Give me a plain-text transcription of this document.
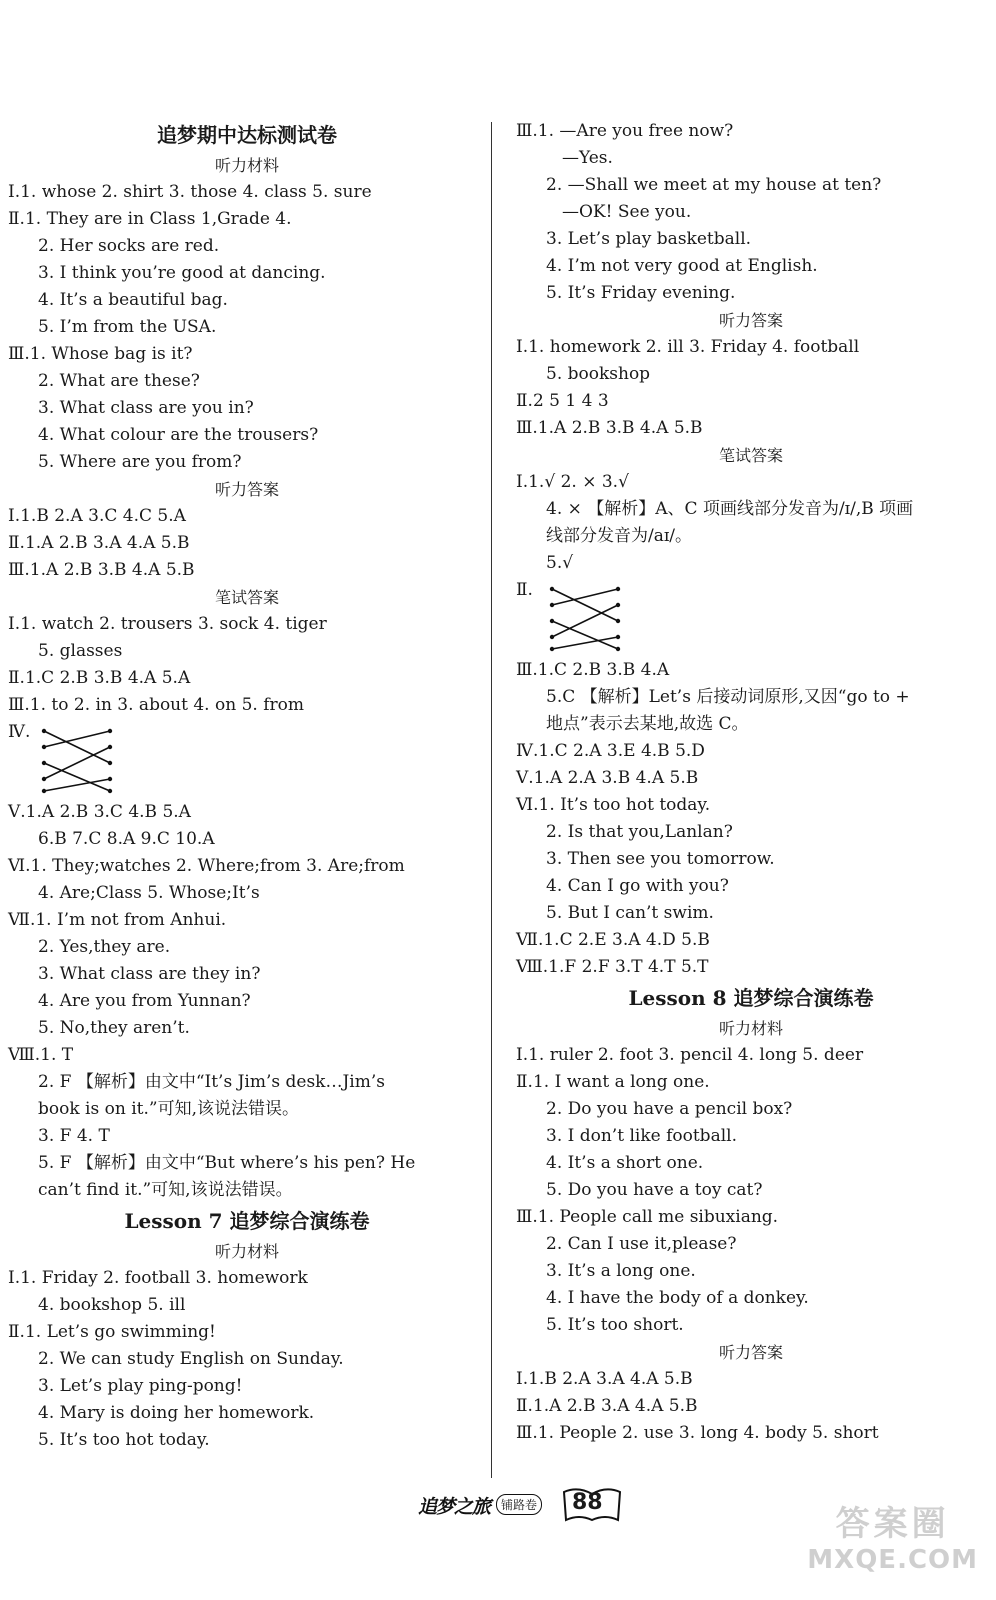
追梦期中达标测试卷
听力材料
Ⅰ.1. whose 2. shirt 3. those 4. class 5. sure
Ⅱ.1. They are in Class 1,Grade 4.
2. Her socks are red.
3. I think you’re good at dancing.
4. It’s a beautiful bag.
5. I’m from the USA.
Ⅲ.1. Whose bag is it?
2. What are these?
3. What class are you in?
4. What colour are the trousers?
5. Where are you from?
听力答案
Ⅰ.1.B 2.A 3.C 4.C 5.A
Ⅱ.1.A 2.B 3.A 4.A 5.B
Ⅲ.1.A 2.B 3.B 4.A 5.B
笔试答案
Ⅰ.1. watch 2. trousers 3. sock 4. tiger
5. glasses
Ⅱ.1.C 2.B 3.B 4.A 5.A
Ⅲ.1. to 2. in 3. about 4. on 5. from
Ⅳ.
Ⅴ.1.A 2.B 3.C 4.B 5.A
6.B 7.C 8.A 9.C 10.A
Ⅵ.1. They;watches 2. Where;from 3. Are;from
4. Are;Class 5. Whose;It’s
Ⅶ.1. I’m not from Anhui.
2. Yes,they are.
3. What class are they in?
4. Are you from Yunnan?
5. No,they aren’t.
Ⅷ.1. T
2. F 【解析】由文中“It’s Jim’s desk…Jim’s
book is on it.”可知,该说法错误。
3. F 4. T
5. F 【解析】由文中“But where’s his pen? He
can’t find it.”可知,该说法错误。
Lesson 7 追梦综合演练卷
听力材料
Ⅰ.1. Friday 2. football 3. homework
4. bookshop 5. ill
Ⅱ.1. Let’s go swimming!
2. We can study English on Sunday.
3. Let’s play ping-pong!
4. Mary is doing her homework.
5. It’s too hot today.
Ⅲ.1. —Are you free now?
—Yes.
2. —Shall we meet at my house at ten?
—OK! See you.
3. Let’s play basketball.
4. I’m not very good at English.
5. It’s Friday evening.
听力答案
Ⅰ.1. homework 2. ill 3. Friday 4. football
5. bookshop
Ⅱ.2 5 1 4 3
Ⅲ.1.A 2.B 3.B 4.A 5.B
笔试答案
Ⅰ.1.√ 2. × 3.√
4. × 【解析】A、C 项画线部分发音为/ɪ/,B 项画
线部分发音为/aɪ/。
5.√
Ⅱ.
Ⅲ.1.C 2.B 3.B 4.A
5.C 【解析】Let’s 后接动词原形,又因“go to +
地点”表示去某地,故选 C。
Ⅳ.1.C 2.A 3.E 4.B 5.D
Ⅴ.1.A 2.A 3.B 4.A 5.B
Ⅵ.1. It’s too hot today.
2. Is that you,Lanlan?
3. Then see you tomorrow.
4. Can I go with you?
5. But I can’t swim.
Ⅶ.1.C 2.E 3.A 4.D 5.B
Ⅷ.1.F 2.F 3.T 4.T 5.T
Lesson 8 追梦综合演练卷
听力材料
Ⅰ.1. ruler 2. foot 3. pencil 4. long 5. deer
Ⅱ.1. I want a long one.
2. Do you have a pencil box?
3. I don’t like football.
4. It’s a short one.
5. Do you have a toy cat?
Ⅲ.1. People call me sibuxiang.
2. Can I use it,please?
3. It’s a long one.
4. I have the body of a donkey.
5. It’s too short.
听力答案
Ⅰ.1.B 2.A 3.A 4.A 5.B
Ⅱ.1.A 2.B 3.A 4.A 5.B
Ⅲ.1. People 2. use 3. long 4. body 5. short
追梦之旅 铺路卷 88
答案圈
MXQE.COM
